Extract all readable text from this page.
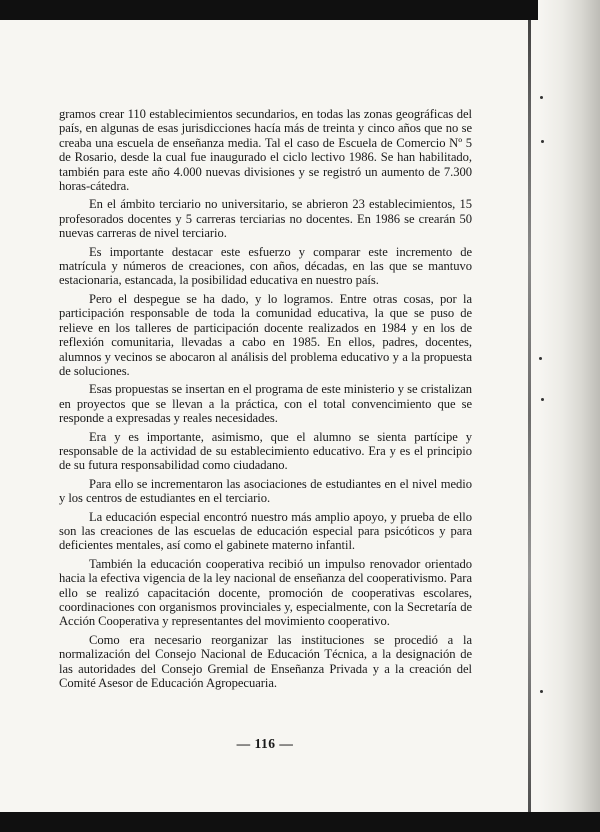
gramos crear 110 establecimientos secundarios, en todas las zonas geográficas del país, en algunas de esas jurisdicciones hacía más de treinta y cinco años que no se creaba una escuela de enseñanza media. Tal el caso de Escuela de Comercio Nº 5 de Rosario, desde la cual fue inaugurado el ciclo lectivo 1986. Se han habilitado, también para este año 4.000 nuevas divisiones y se registró un aumento de 7.300 horas-cátedra.

En el ámbito terciario no universitario, se abrieron 23 establecimientos, 15 profesorados docentes y 5 carreras terciarias no docentes. En 1986 se crearán 50 nuevas carreras de nivel terciario.

Es importante destacar este esfuerzo y comparar este incremento de matrícula y números de creaciones, con años, décadas, en las que se mantuvo estacionaria, estancada, la posibilidad educativa en nuestro país.

Pero el despegue se ha dado, y lo logramos. Entre otras cosas, por la participación responsable de toda la comunidad educativa, la que se puso de relieve en los talleres de participación docente realizados en 1984 y en los de reflexión comunitaria, llevadas a cabo en 1985. En ellos, padres, docentes, alumnos y vecinos se abocaron al análisis del problema educativo y a la propuesta de soluciones.

Esas propuestas se insertan en el programa de este ministerio y se cristalizan en proyectos que se llevan a la práctica, con el total convencimiento que se responde a expresadas y reales necesidades.

Era y es importante, asimismo, que el alumno se sienta partícipe y responsable de la actividad de su establecimiento educativo. Era y es el principio de su futura responsabilidad como ciudadano.

Para ello se incrementaron las asociaciones de estudiantes en el nivel medio y los centros de estudiantes en el terciario.

La educación especial encontró nuestro más amplio apoyo, y prueba de ello son las creaciones de las escuelas de educación especial para psicóticos y para deficientes mentales, así como el gabinete materno infantil.

También la educación cooperativa recibió un impulso renovador orientado hacia la efectiva vigencia de la ley nacional de enseñanza del cooperativismo. Para ello se realizó capacitación docente, promoción de cooperativas escolares, coordinaciones con organismos provinciales y, especialmente, con la Secretaría de Acción Cooperativa y representantes del movimiento cooperativo.

Como era necesario reorganizar las instituciones se procedió a la normalización del Consejo Nacional de Educación Técnica, a la designación de las autoridades del Consejo Gremial de Enseñanza Privada y a la creación del Comité Asesor de Educación Agropecuaria.

— 116 —
